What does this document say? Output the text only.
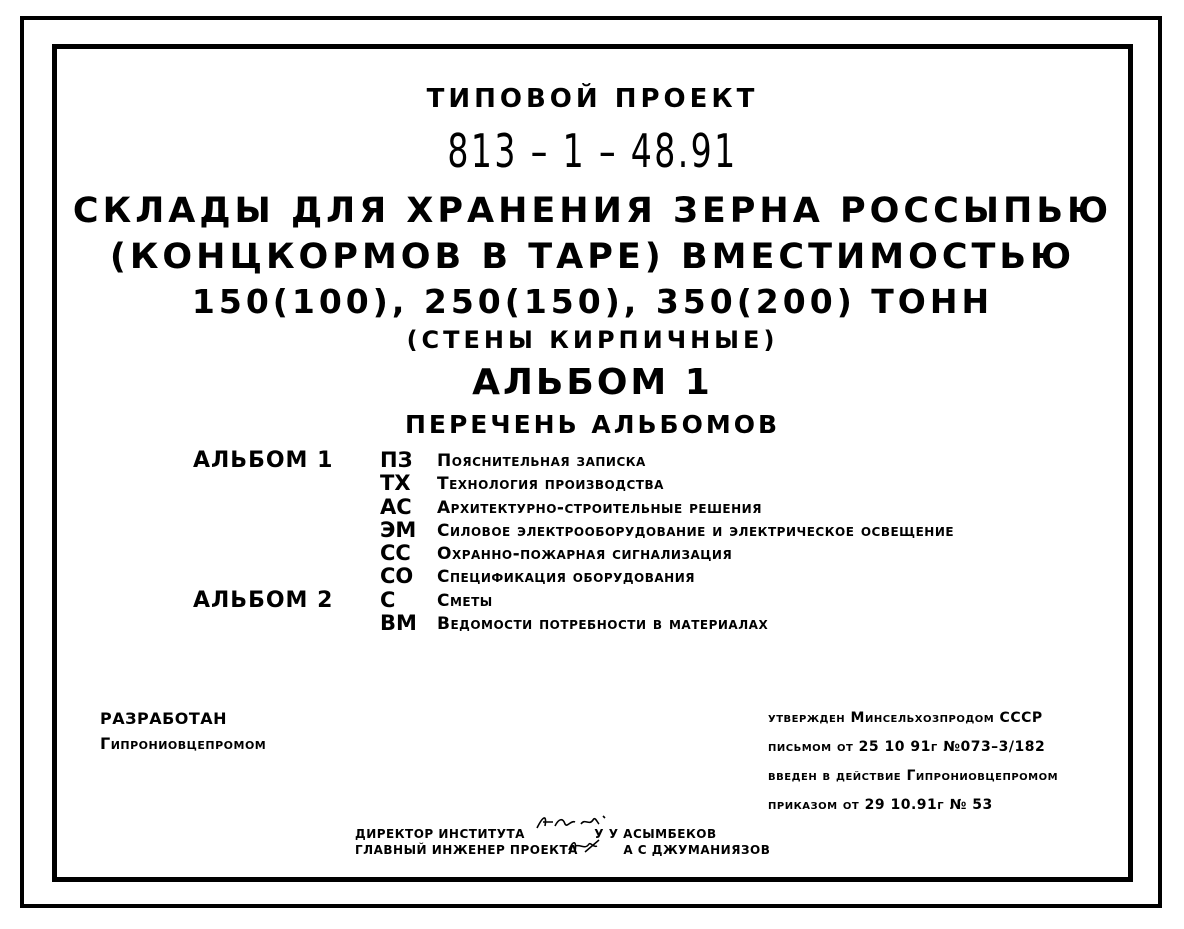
ТИПОВОЙ ПРОЕКТ
813 – 1 – 48.91
СКЛАДЫ ДЛЯ ХРАНЕНИЯ ЗЕРНА РОССЫПЬЮ
(КОНЦКОРМОВ В ТАРЕ) ВМЕСТИМОСТЬЮ
150(100), 250(150), 350(200) ТОНН
(СТЕНЫ КИРПИЧНЫЕ)
АЛЬБОМ 1
ПЕРЕЧЕНЬ АЛЬБОМОВ
АЛЬБОМ 1 ПЗ Пояснительная записка
ТХ Технология производства
АС Архитектурно-строительные решения
ЭМ Силовое электрооборудование и электрическое освещение
СС Охранно-пожарная сигнализация
СО Спецификация оборудования
АЛЬБОМ 2 С Сметы
ВМ Ведомости потребности в материалах
РАЗРАБОТАН
Гипрониовцепромом
утвержден Минсельхозпродом СССР
письмом от 25 10 91г №073–3/182
введен в действие Гипрониовцепромом
приказом от 29 10.91г № 53
ДИРЕКТОР ИНСТИТУТА	У У АСЫМБЕКОВ
ГЛАВНЫЙ ИНЖЕНЕР ПРОЕКТА	А С ДЖУМАНИЯЗОВ
